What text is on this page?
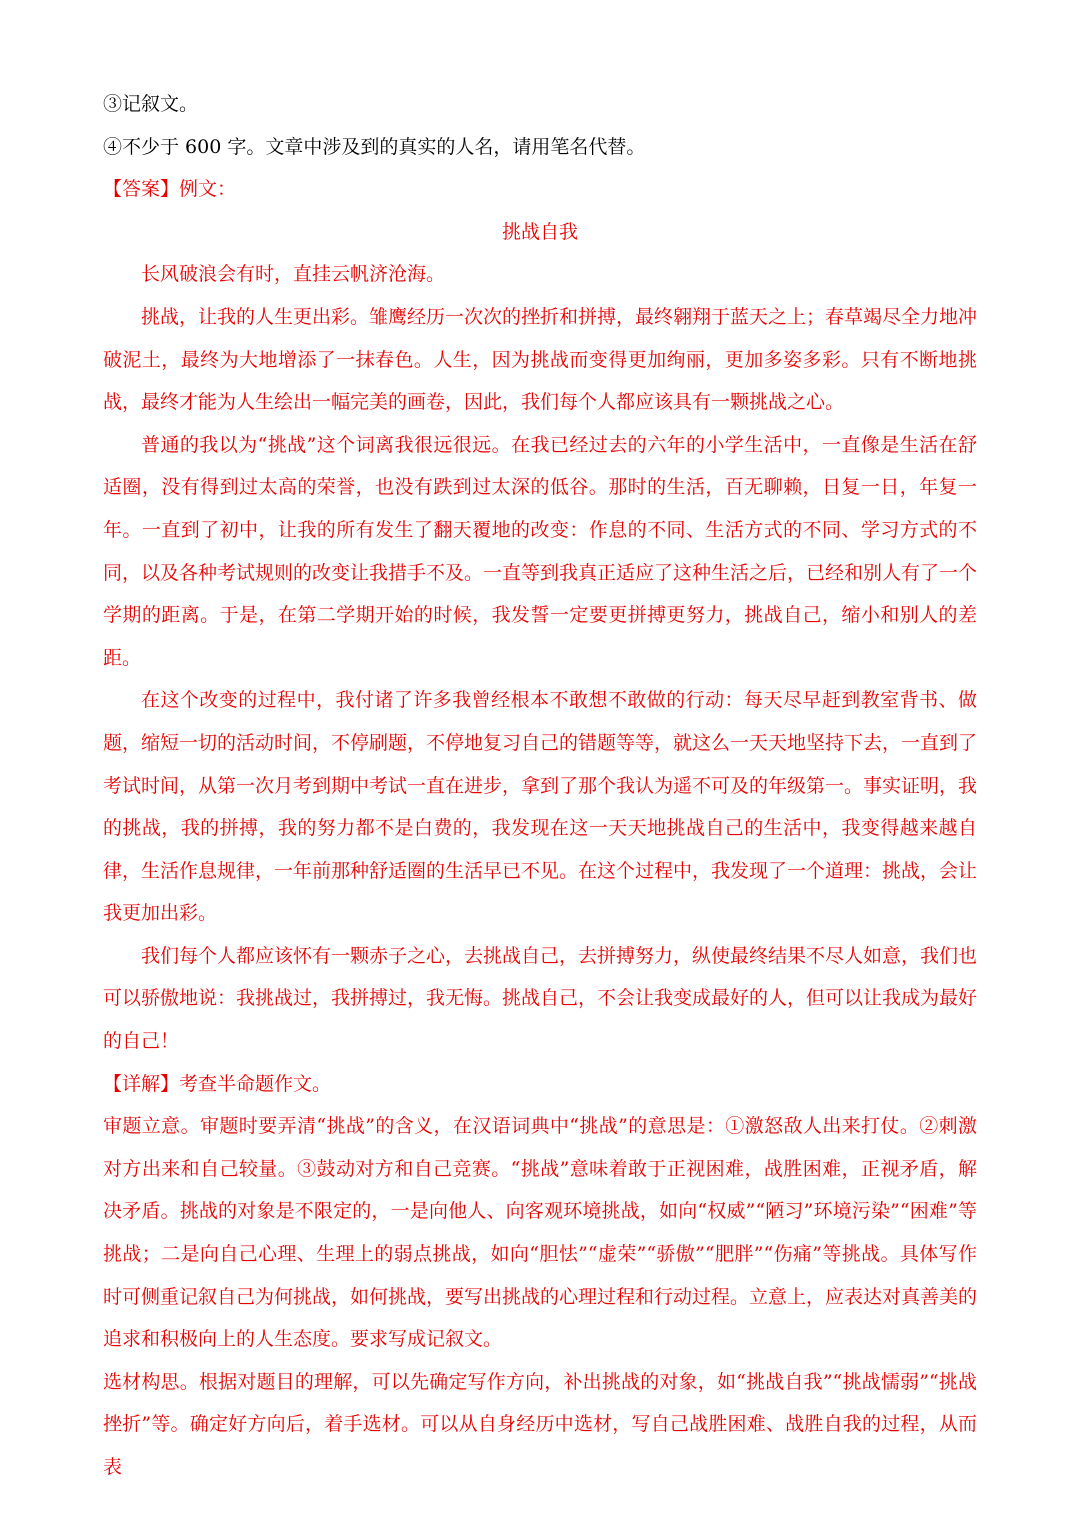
③记叙文。

④不少于 600 字。文章中涉及到的真实的人名，请用笔名代替。

【答案】例文：

挑战自我

长风破浪会有时，直挂云帆济沧海。

挑战，让我的人生更出彩。雏鹰经历一次次的挫折和拼搏，最终翱翔于蓝天之上；春草竭尽全力地冲破泥土，最终为大地增添了一抹春色。人生，因为挑战而变得更加绚丽，更加多姿多彩。只有不断地挑战，最终才能为人生绘出一幅完美的画卷，因此，我们每个人都应该具有一颗挑战之心。

普通的我以为“挑战”这个词离我很远很远。在我已经过去的六年的小学生活中，一直像是生活在舒适圈，没有得到过太高的荣誉，也没有跌到过太深的低谷。那时的生活，百无聊赖，日复一日，年复一年。一直到了初中，让我的所有发生了翻天覆地的改变：作息的不同、生活方式的不同、学习方式的不同，以及各种考试规则的改变让我措手不及。一直等到我真正适应了这种生活之后，已经和别人有了一个学期的距离。于是，在第二学期开始的时候，我发誓一定要更拼搏更努力，挑战自己，缩小和别人的差距。

在这个改变的过程中，我付诸了许多我曾经根本不敢想不敢做的行动：每天尽早赶到教室背书、做题，缩短一切的活动时间，不停刷题，不停地复习自己的错题等等，就这么一天天地坚持下去，一直到了考试时间，从第一次月考到期中考试一直在进步，拿到了那个我认为遥不可及的年级第一。事实证明，我的挑战，我的拼搏，我的努力都不是白费的，我发现在这一天天地挑战自己的生活中，我变得越来越自律，生活作息规律，一年前那种舒适圈的生活早已不见。在这个过程中，我发现了一个道理：挑战，会让我更加出彩。

我们每个人都应该怀有一颗赤子之心，去挑战自己，去拼搏努力，纵使最终结果不尽人如意，我们也可以骄傲地说：我挑战过，我拼搏过，我无悔。挑战自己，不会让我变成最好的人，但可以让我成为最好的自己！

【详解】考查半命题作文。

审题立意。审题时要弄清“挑战”的含义，在汉语词典中“挑战”的意思是：①激怒敌人出来打仗。②刺激对方出来和自己较量。③鼓动对方和自己竞赛。“挑战”意味着敢于正视困难，战胜困难，正视矛盾，解决矛盾。挑战的对象是不限定的，一是向他人、向客观环境挑战，如向“权威”“陋习”环境污染”“困难”等挑战；二是向自己心理、生理上的弱点挑战，如向“胆怯”“虚荣”“骄傲”“肥胖”“伤痛”等挑战。具体写作时可侧重记叙自己为何挑战，如何挑战，要写出挑战的心理过程和行动过程。立意上，应表达对真善美的追求和积极向上的人生态度。要求写成记叙文。

选材构思。根据对题目的理解，可以先确定写作方向，补出挑战的对象，如“挑战自我”“挑战懦弱”“挑战挫折”等。确定好方向后，着手选材。可以从自身经历中选材，写自己战胜困难、战胜自我的过程，从而表
